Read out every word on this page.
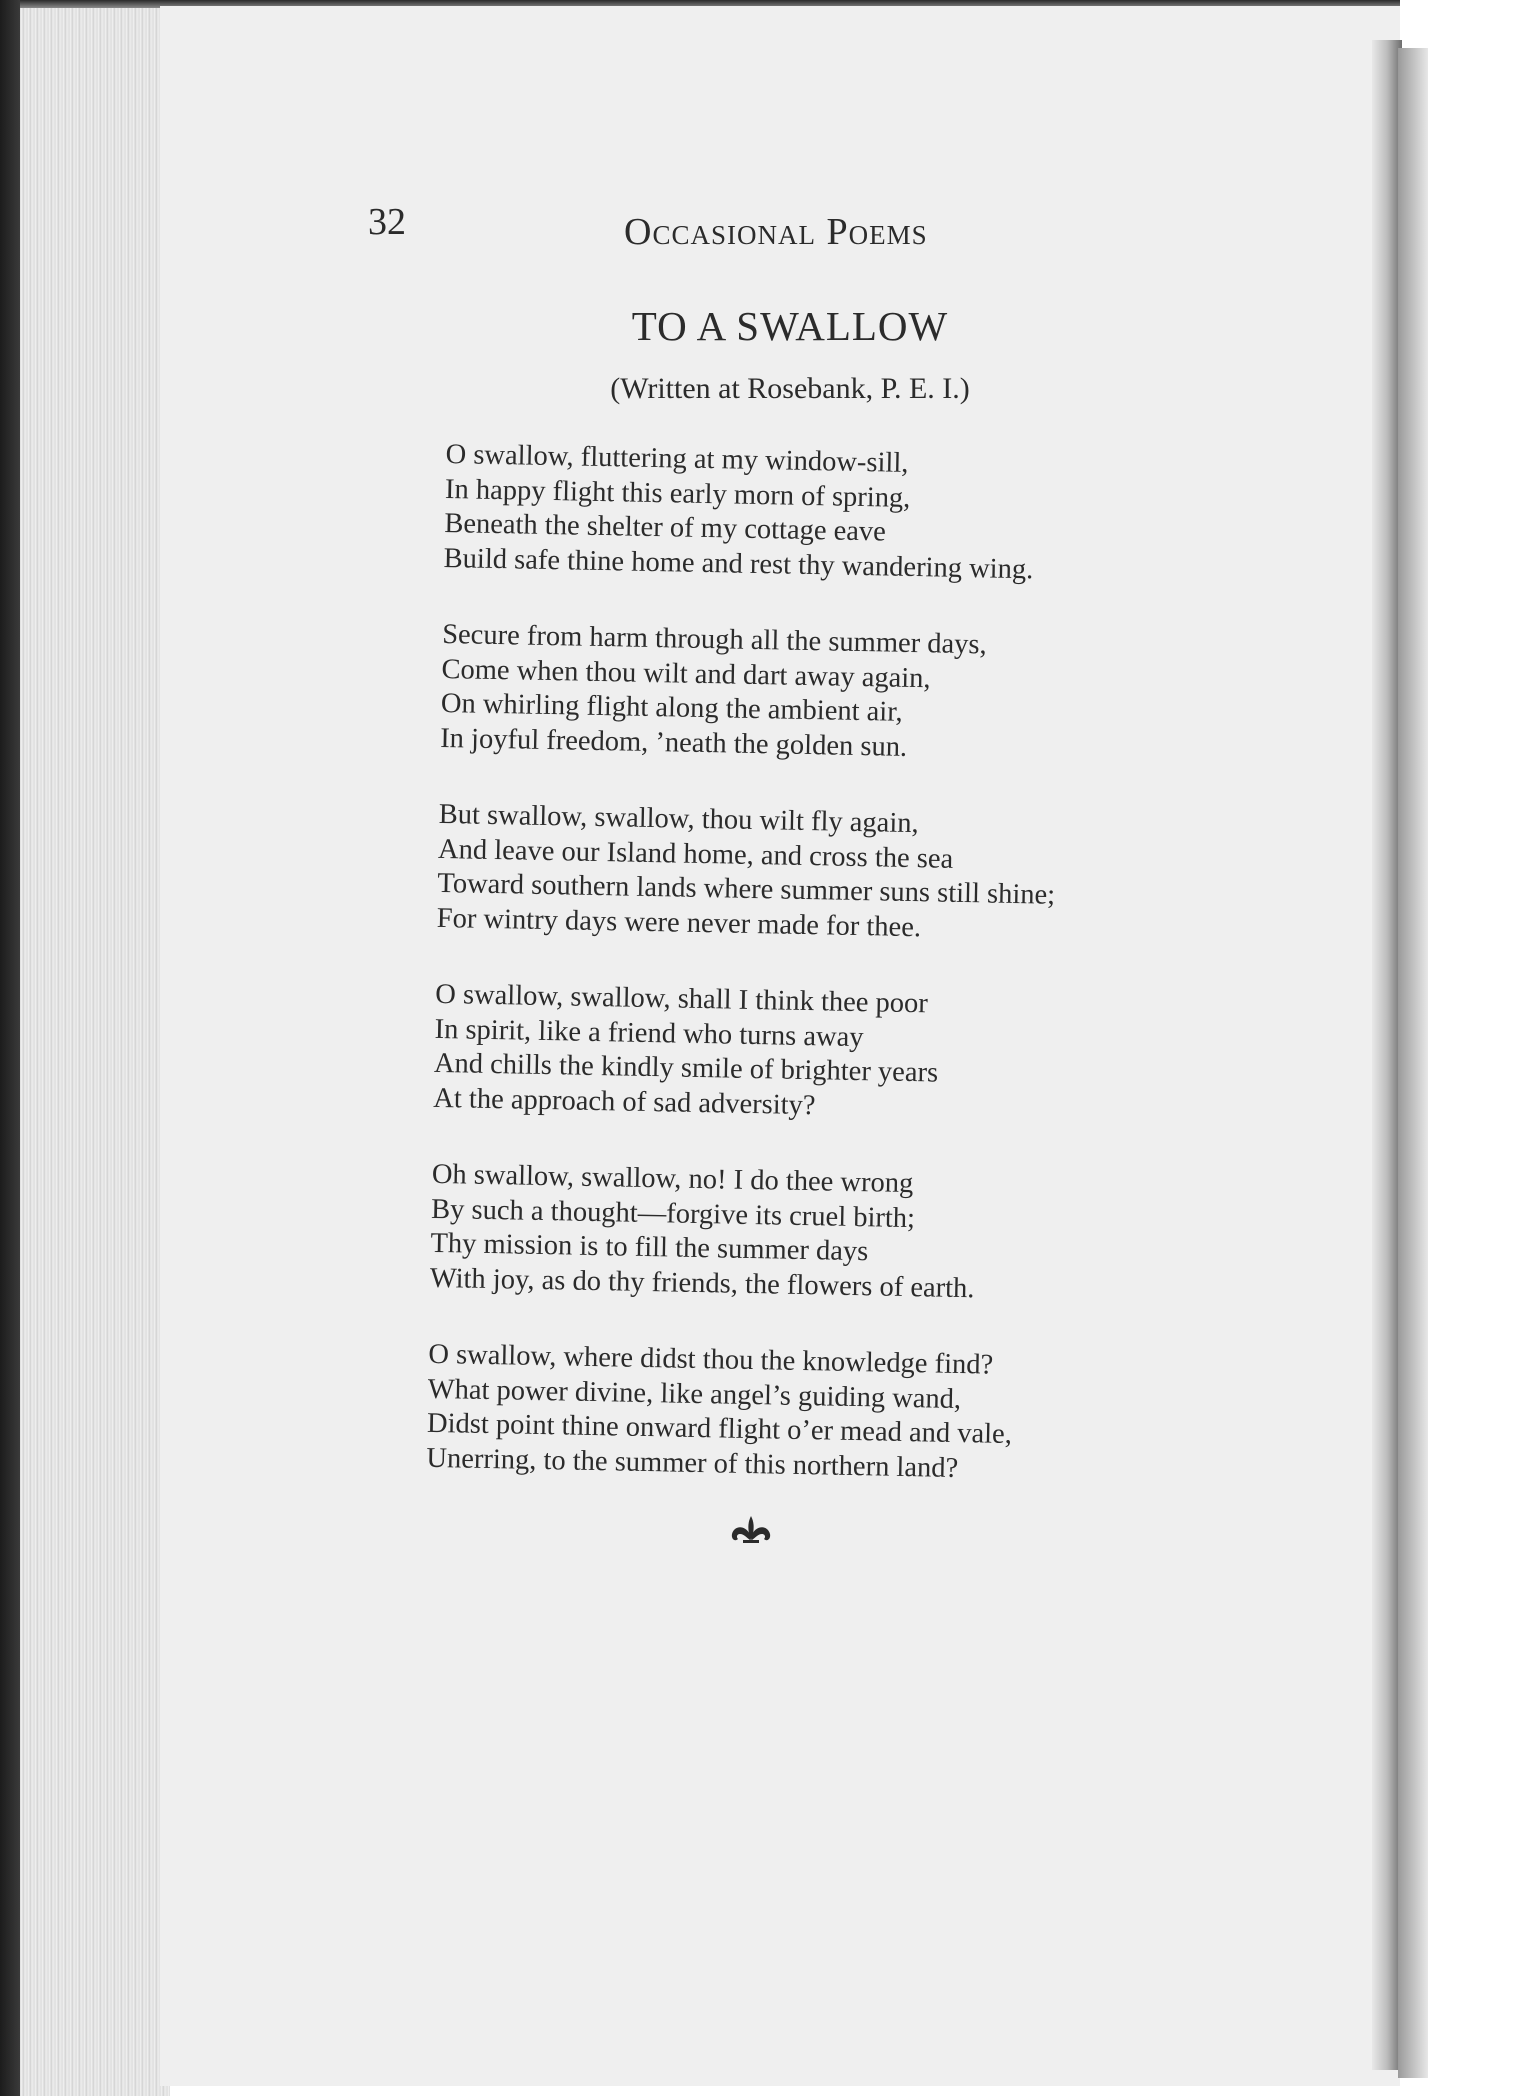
32	Occasional Poems
TO A SWALLOW
(Written at Rosebank, P. E. I.)
O swallow, fluttering at my window-sill,
In happy flight this early morn of spring,
Beneath the shelter of my cottage eave
Build safe thine home and rest thy wandering wing.
Secure from harm through all the summer days,
Come when thou wilt and dart away again,
On whirling flight along the ambient air,
In joyful freedom, ’neath the golden sun.
But swallow, swallow, thou wilt fly again,
And leave our Island home, and cross the sea
Toward southern lands where summer suns still shine;
For wintry days were never made for thee.
O swallow, swallow, shall I think thee poor
In spirit, like a friend who turns away
And chills the kindly smile of brighter years
At the approach of sad adversity?
Oh swallow, swallow, no! I do thee wrong
By such a thought—forgive its cruel birth;
Thy mission is to fill the summer days
With joy, as do thy friends, the flowers of earth.
O swallow, where didst thou the knowledge find?
What power divine, like angel’s guiding wand,
Didst point thine onward flight o’er mead and vale,
Unerring, to the summer of this northern land?
